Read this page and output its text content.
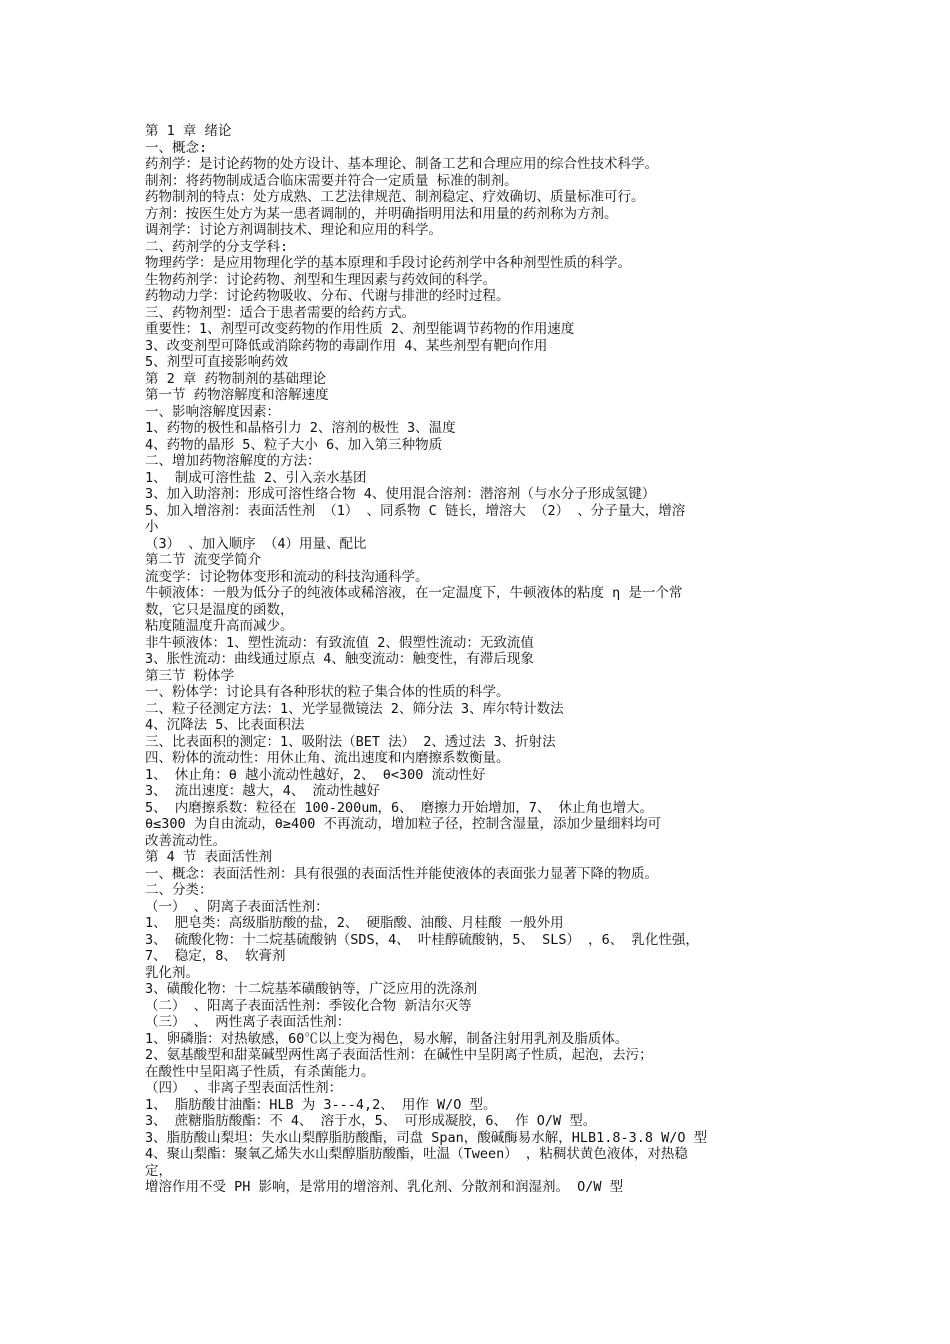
第 1 章 绪论
一、概念:
药剂学：是讨论药物的处方设计、基本理论、制备工艺和合理应用的综合性技术科学。
制剂：将药物制成适合临床需要并符合一定质量 标准的制剂。
药物制剂的特点：处方成熟、工艺法律规范、制剂稳定、疗效确切、质量标准可行。
方剂：按医生处方为某一患者调制的，并明确指明用法和用量的药剂称为方剂。
调剂学：讨论方剂调制技术、理论和应用的科学。
二、药剂学的分支学科:
物理药学：是应用物理化学的基本原理和手段讨论药剂学中各种剂型性质的科学。
生物药剂学：讨论药物、剂型和生理因素与药效间的科学。
药物动力学：讨论药物吸收、分布、代谢与排泄的经时过程。
三、药物剂型：适合于患者需要的给药方式。
重要性：1、剂型可改变药物的作用性质 2、剂型能调节药物的作用速度
3、改变剂型可降低或消除药物的毒副作用 4、某些剂型有靶向作用
5、剂型可直接影响药效
第 2 章 药物制剂的基础理论
第一节 药物溶解度和溶解速度
一、影响溶解度因素：
1、药物的极性和晶格引力 2、溶剂的极性 3、温度
4、药物的晶形 5、粒子大小 6、加入第三种物质
二、增加药物溶解度的方法：
1、 制成可溶性盐 2、引入亲水基团
3、加入助溶剂：形成可溶性络合物 4、使用混合溶剂：潜溶剂（与水分子形成氢键）
5、加入增溶剂：表面活性剂 （1） 、同系物 C 链长，增溶大 （2） 、分子量大，增溶
小
（3） 、加入顺序 （4）用量、配比
第二节 流变学简介
流变学：讨论物体变形和流动的科技沟通科学。
牛顿液体：一般为低分子的纯液体或稀溶液，在一定温度下，牛顿液体的粘度 η 是一个常
数，它只是温度的函数，
粘度随温度升高而减少。
非牛顿液体：1、塑性流动：有致流值 2、假塑性流动：无致流值
3、胀性流动：曲线通过原点 4、触变流动：触变性，有滞后现象
第三节 粉体学
一、粉体学：讨论具有各种形状的粒子集合体的性质的科学。
二、粒子径测定方法：1、光学显微镜法 2、筛分法 3、库尔特计数法
4、沉降法 5、比表面积法
三、比表面积的测定：1、吸附法（BET 法） 2、透过法 3、折射法
四、粉体的流动性：用休止角、流出速度和内磨擦系数衡量。
1、 休止角：θ 越小流动性越好，2、 θ<300 流动性好
3、 流出速度：越大，4、 流动性越好
5、 内磨擦系数：粒径在 100-200um，6、 磨擦力开始增加，7、 休止角也增大。
θ≤300 为自由流动，θ≥400 不再流动，增加粒子径，控制含湿量，添加少量细料均可
改善流动性。
第 4 节 表面活性剂
一、概念：表面活性剂：具有很强的表面活性并能使液体的表面张力显著下降的物质。
二、分类：
（一） 、阴离子表面活性剂：
1、 肥皂类：高级脂肪酸的盐，2、 硬脂酸、油酸、月桂酸 一般外用
3、 硫酸化物：十二烷基硫酸钠（SDS，4、 叶桂醇硫酸钠，5、 SLS） ，6、 乳化性强，
7、 稳定，8、 软膏剂
乳化剂。
3、磺酸化物：十二烷基苯磺酸钠等，广泛应用的洗涤剂
（二） 、阳离子表面活性剂：季铵化合物 新洁尔灭等
（三） 、 两性离子表面活性剂：
1、卵磷脂：对热敏感，60℃以上变为褐色，易水解，制备注射用乳剂及脂质体。
2、氨基酸型和甜菜碱型两性离子表面活性剂：在碱性中呈阴离子性质，起泡，去污；
在酸性中呈阳离子性质，有杀菌能力。
（四） 、非离子型表面活性剂：
1、 脂肪酸甘油酯：HLB 为 3---4,2、 用作 W/O 型。
3、 蔗糖脂肪酸酯：不 4、 溶于水，5、 可形成凝胶，6、 作 O/W 型。
3、脂肪酸山梨坦：失水山梨醇脂肪酸酯，司盘 Span，酸碱酶易水解，HLB1.8-3.8 W/O 型
4、聚山梨酯：聚氧乙烯失水山梨醇脂肪酸酯，吐温（Tween） ，粘稠状黄色液体，对热稳
定，
增溶作用不受 PH 影响，是常用的增溶剂、乳化剂、分散剂和润湿剂。 O/W 型
